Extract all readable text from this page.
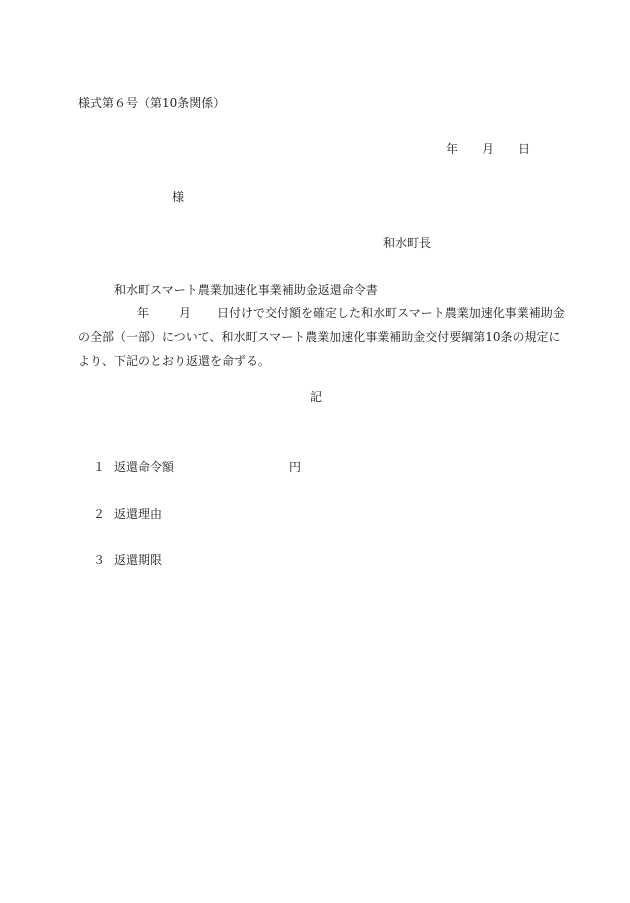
様式第６号（第10条関係）
年 月 日
様
和水町長
和水町スマート農業加速化事業補助金返還命令書
年	月 日付けで交付額を確定した和水町スマート農業加速化事業補助金
の全部（一部）について、和水町スマート農業加速化事業補助金交付要綱第10条の規定に
より、下記のとおり返還を命ずる。
記
１ 返還命令額	円
２ 返還理由
３ 返還期限
